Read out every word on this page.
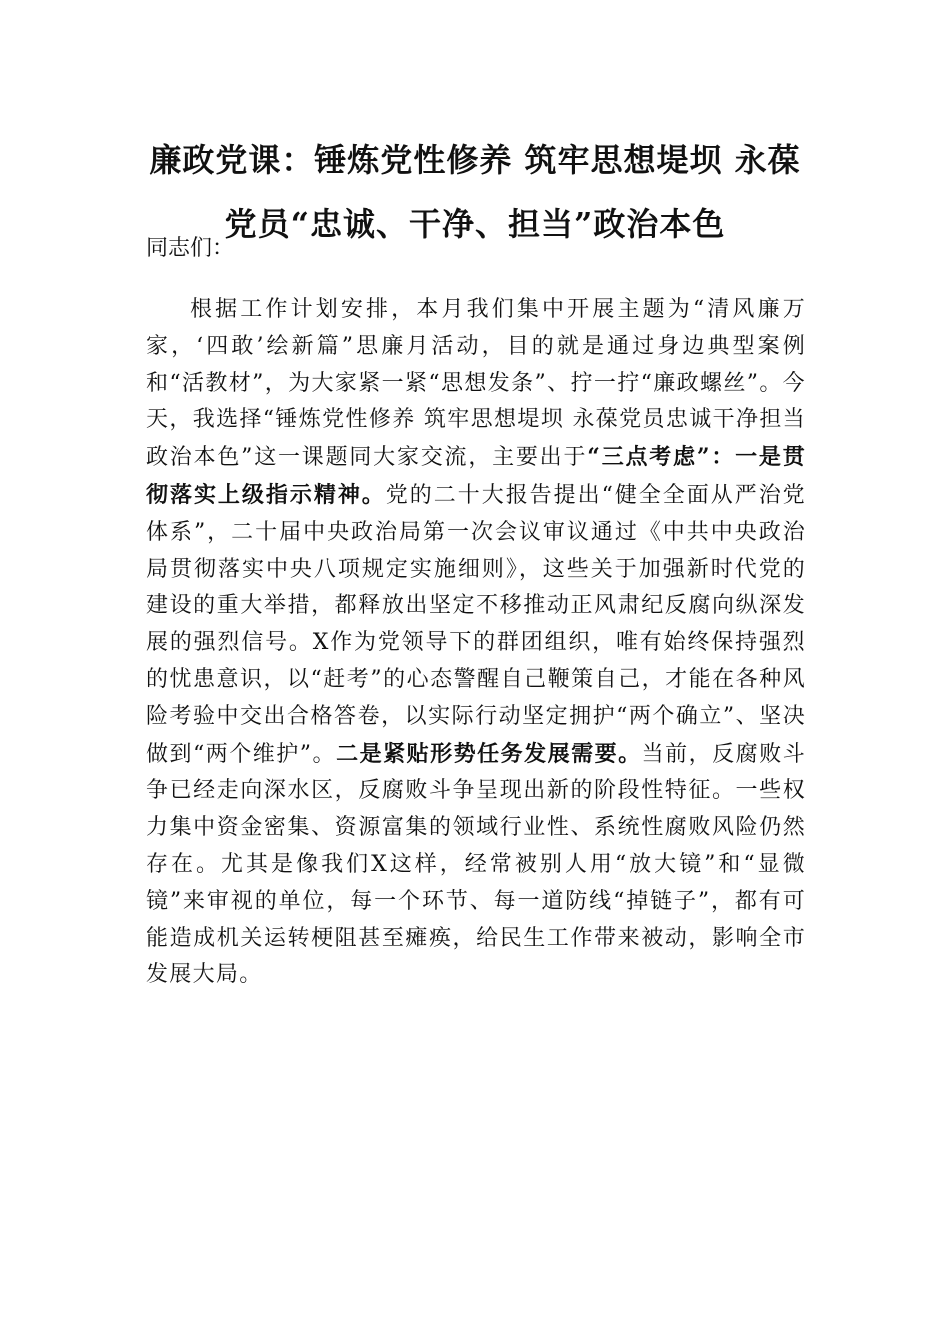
廉政党课：锤炼党性修养 筑牢思想堤坝 永葆党员“忠诚、干净、担当”政治本色

同志们：

根据工作计划安排，本月我们集中开展主题为“清风廉万家，‘四敢’绘新篇”思廉月活动，目的就是通过身边典型案例和“活教材”，为大家紧一紧“思想发条”、拧一拧“廉政螺丝”。今天，我选择“锤炼党性修养 筑牢思想堤坝 永葆党员忠诚干净担当政治本色”这一课题同大家交流，主要出于“三点考虑”：一是贯彻落实上级指示精神。党的二十大报告提出“健全全面从严治党体系”，二十届中央政治局第一次会议审议通过《中共中央政治局贯彻落实中央八项规定实施细则》，这些关于加强新时代党的建设的重大举措，都释放出坚定不移推动正风肃纪反腐向纵深发展的强烈信号。X作为党领导下的群团组织，唯有始终保持强烈的忧患意识，以“赶考”的心态警醒自己鞭策自己，才能在各种风险考验中交出合格答卷，以实际行动坚定拥护“两个确立”、坚决做到“两个维护”。二是紧贴形势任务发展需要。当前，反腐败斗争已经走向深水区，反腐败斗争呈现出新的阶段性特征。一些权力集中资金密集、资源富集的领域行业性、系统性腐败风险仍然存在。尤其是像我们X这样，经常被别人用“放大镜”和“显微镜”来审视的单位，每一个环节、每一道防线“掉链子”，都有可能造成机关运转梗阻甚至瘫痪，给民生工作带来被动，影响全市发展大局。
